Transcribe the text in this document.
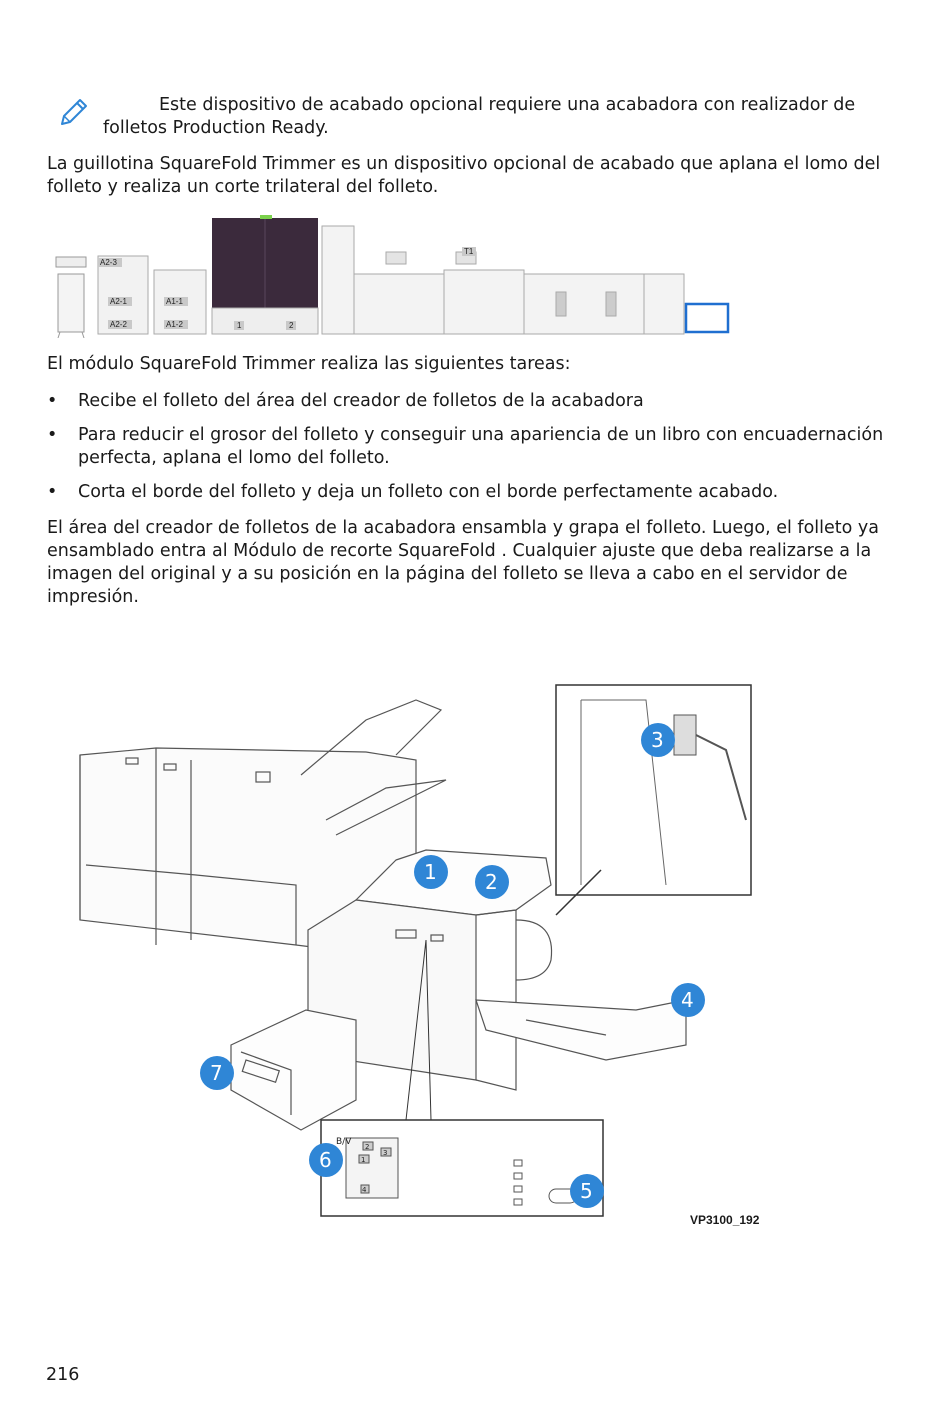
Este dispositivo de acabado opcional requiere una acabadora con realizador de
folletos Production Ready.

La guillotina SquareFold Trimmer es un dispositivo opcional de acabado que aplana el lomo del folleto y realiza un corte trilateral del folleto.

A2-3
A2-1
A2-2
A1-1
A1-2	1	2
T1

El módulo SquareFold Trimmer realiza las siguientes tareas:

•	Recibe el folleto del área del creador de folletos de la acabadora
•	Para reducir el grosor del folleto y conseguir una apariencia de un libro con encuadernación perfecta, aplana el lomo del folleto.
•	Corta el borde del folleto y deja un folleto con el borde perfectamente acabado.

El área del creador de folletos de la acabadora ensambla y grapa el folleto. Luego, el folleto ya ensamblado entra al Módulo de recorte SquareFold . Cualquier ajuste que deba realizarse a la imagen del original y a su posición en la página del folleto se lleva a cabo en el servidor de impresión.

B/V 2
3
1
4
1 2
3
4
5
6
7
VP3100_192
216
